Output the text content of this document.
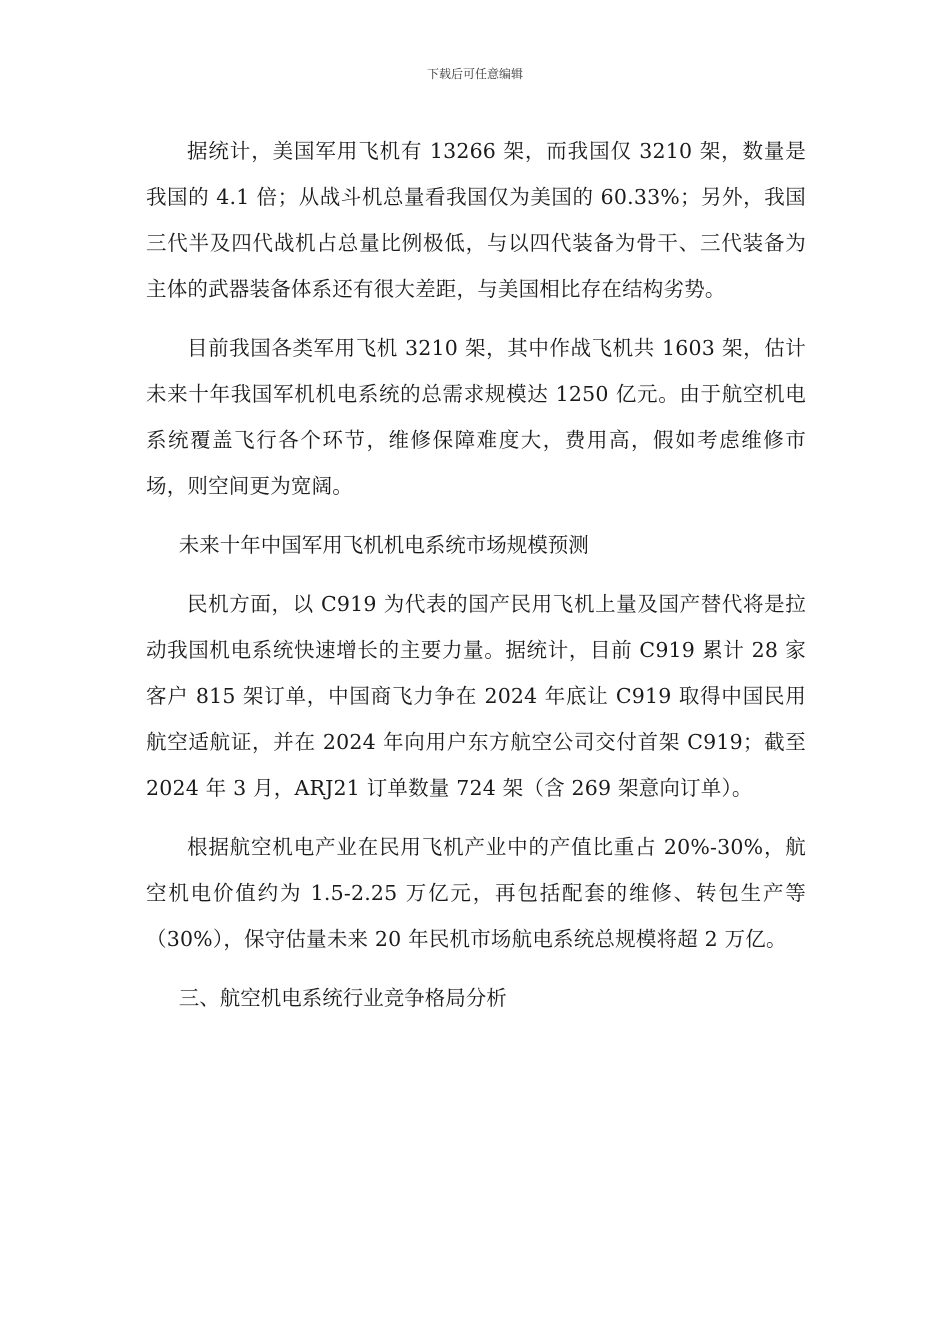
下载后可任意编辑

据统计，美国军用飞机有 13266 架，而我国仅 3210 架，数量是我国的 4.1 倍；从战斗机总量看我国仅为美国的 60.33%；另外，我国三代半及四代战机占总量比例极低，与以四代装备为骨干、三代装备为主体的武器装备体系还有很大差距，与美国相比存在结构劣势。

目前我国各类军用飞机 3210 架，其中作战飞机共 1603 架，估计未来十年我国军机机电系统的总需求规模达 1250 亿元。由于航空机电系统覆盖飞行各个环节，维修保障难度大，费用高，假如考虑维修市场，则空间更为宽阔。

未来十年中国军用飞机机电系统市场规模预测

民机方面，以 C919 为代表的国产民用飞机上量及国产替代将是拉动我国机电系统快速增长的主要力量。据统计，目前 C919 累计 28 家客户 815 架订单，中国商飞力争在 2024 年底让 C919 取得中国民用航空适航证，并在 2024 年向用户东方航空公司交付首架 C919；截至 2024 年 3 月，ARJ21 订单数量 724 架（含 269 架意向订单）。

根据航空机电产业在民用飞机产业中的产值比重占 20%-30%，航空机电价值约为 1.5-2.25 万亿元，再包括配套的维修、转包生产等（30%），保守估量未来 20 年民机市场航电系统总规模将超 2 万亿。

三、航空机电系统行业竞争格局分析
